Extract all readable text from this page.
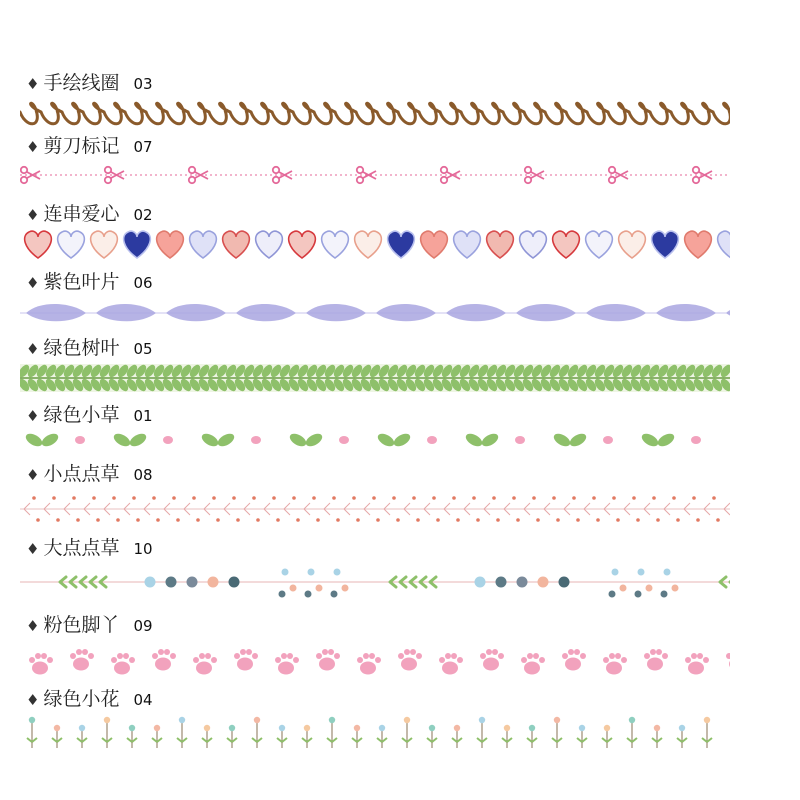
♦ 手绘线圈 03
♦ 剪刀标记 07
♦ 连串爱心 02
♦ 紫色叶片 06
♦ 绿色树叶 05
♦ 绿色小草 01
♦ 小点点草 08
♦ 大点点草 10
♦ 粉色脚丫 09
♦ 绿色小花 04
